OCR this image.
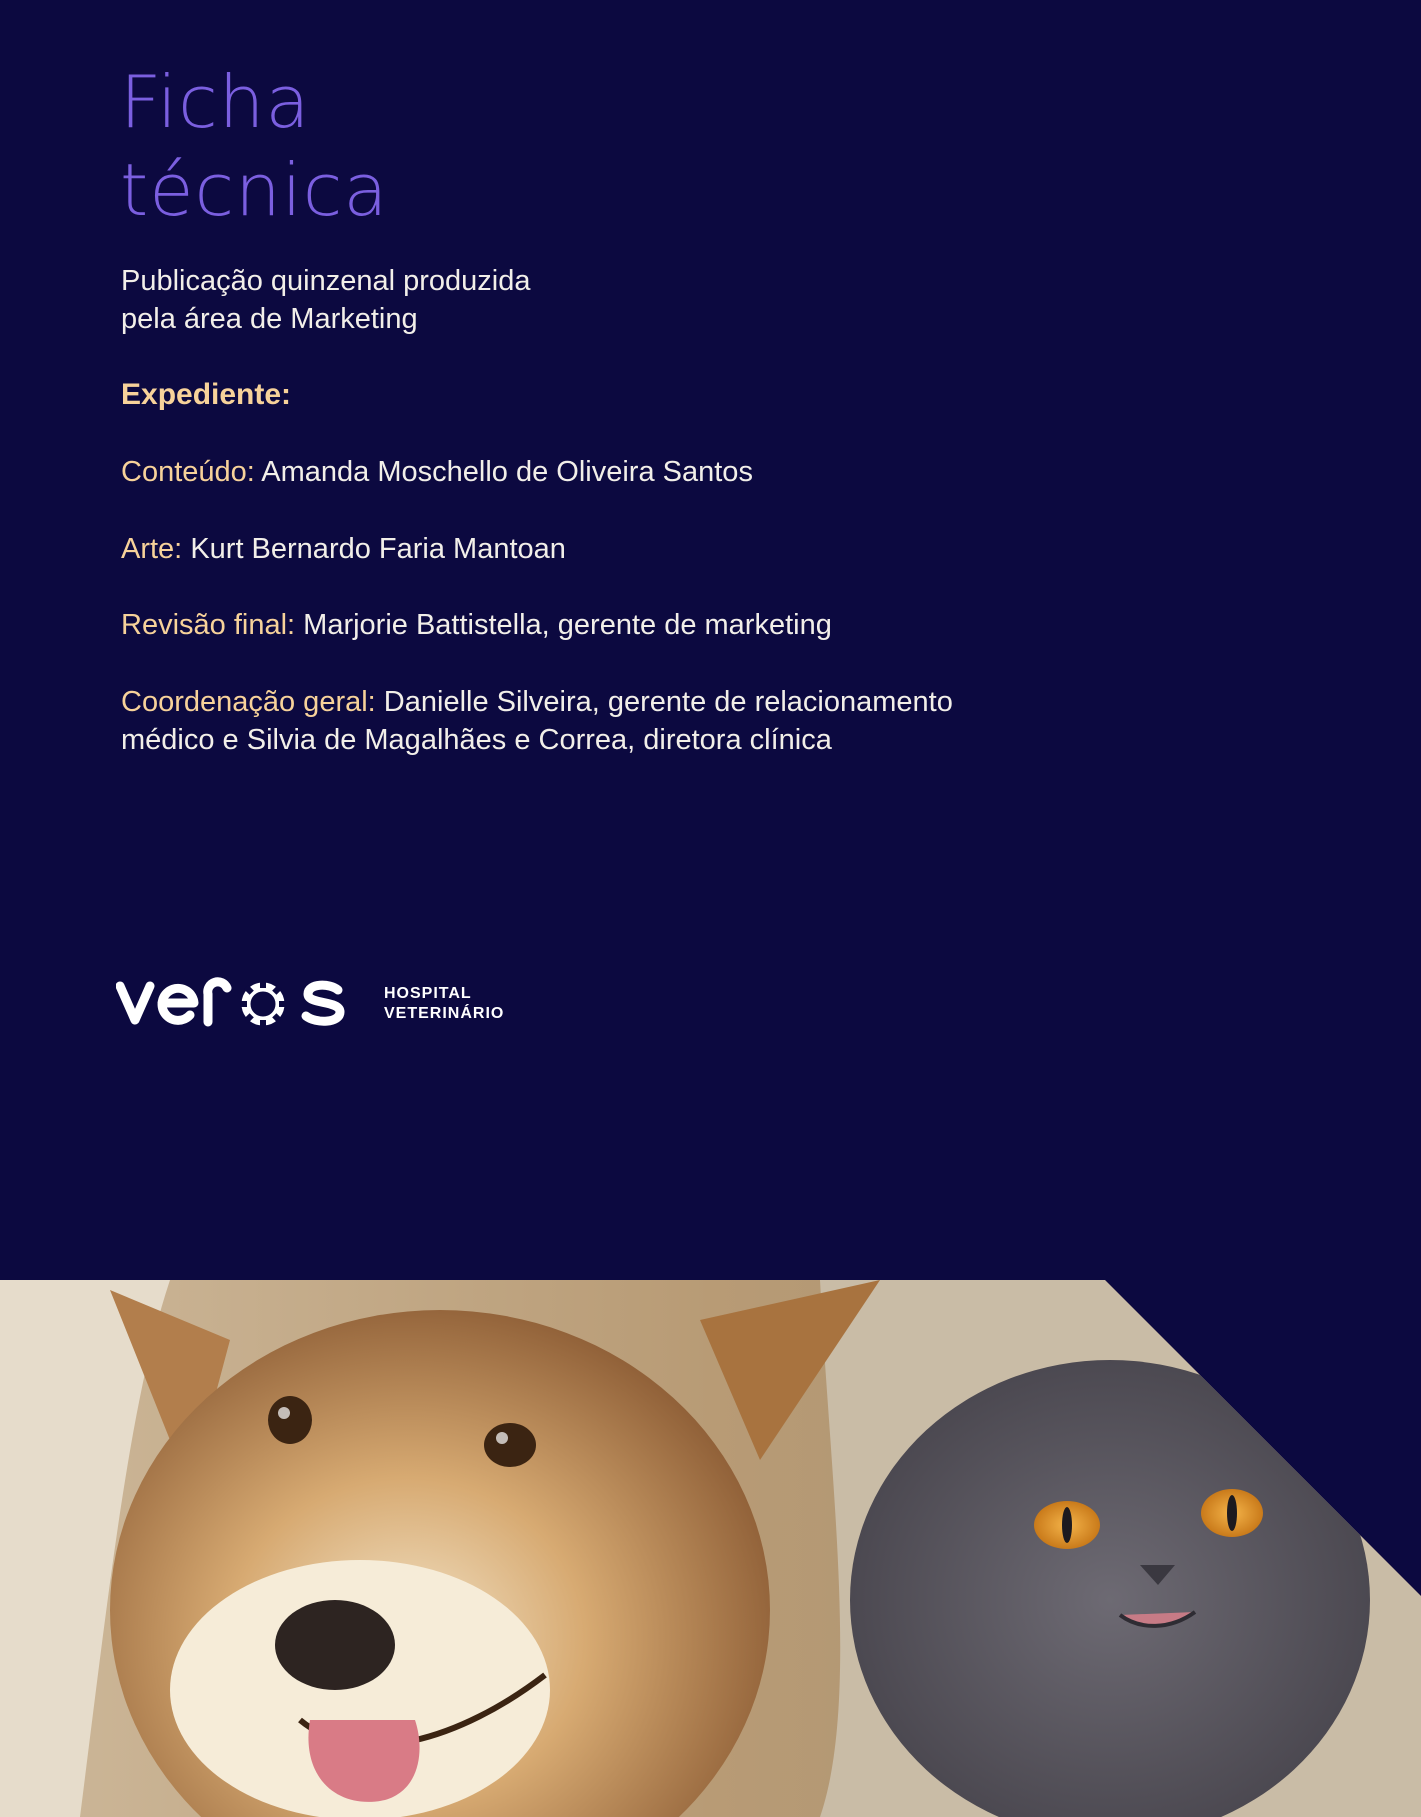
Ficha
técnica

Publicação quinzenal produzida
pela área de Marketing

Expediente:

Conteúdo: Amanda Moschello de Oliveira Santos

Arte: Kurt Bernardo Faria Mantoan

Revisão final: Marjorie Battistella, gerente de marketing

Coordenação geral: Danielle Silveira, gerente de relacionamento médico e Silvia de Magalhães e Correa, diretora clínica

HOSPITAL
VETERINÁRIO
